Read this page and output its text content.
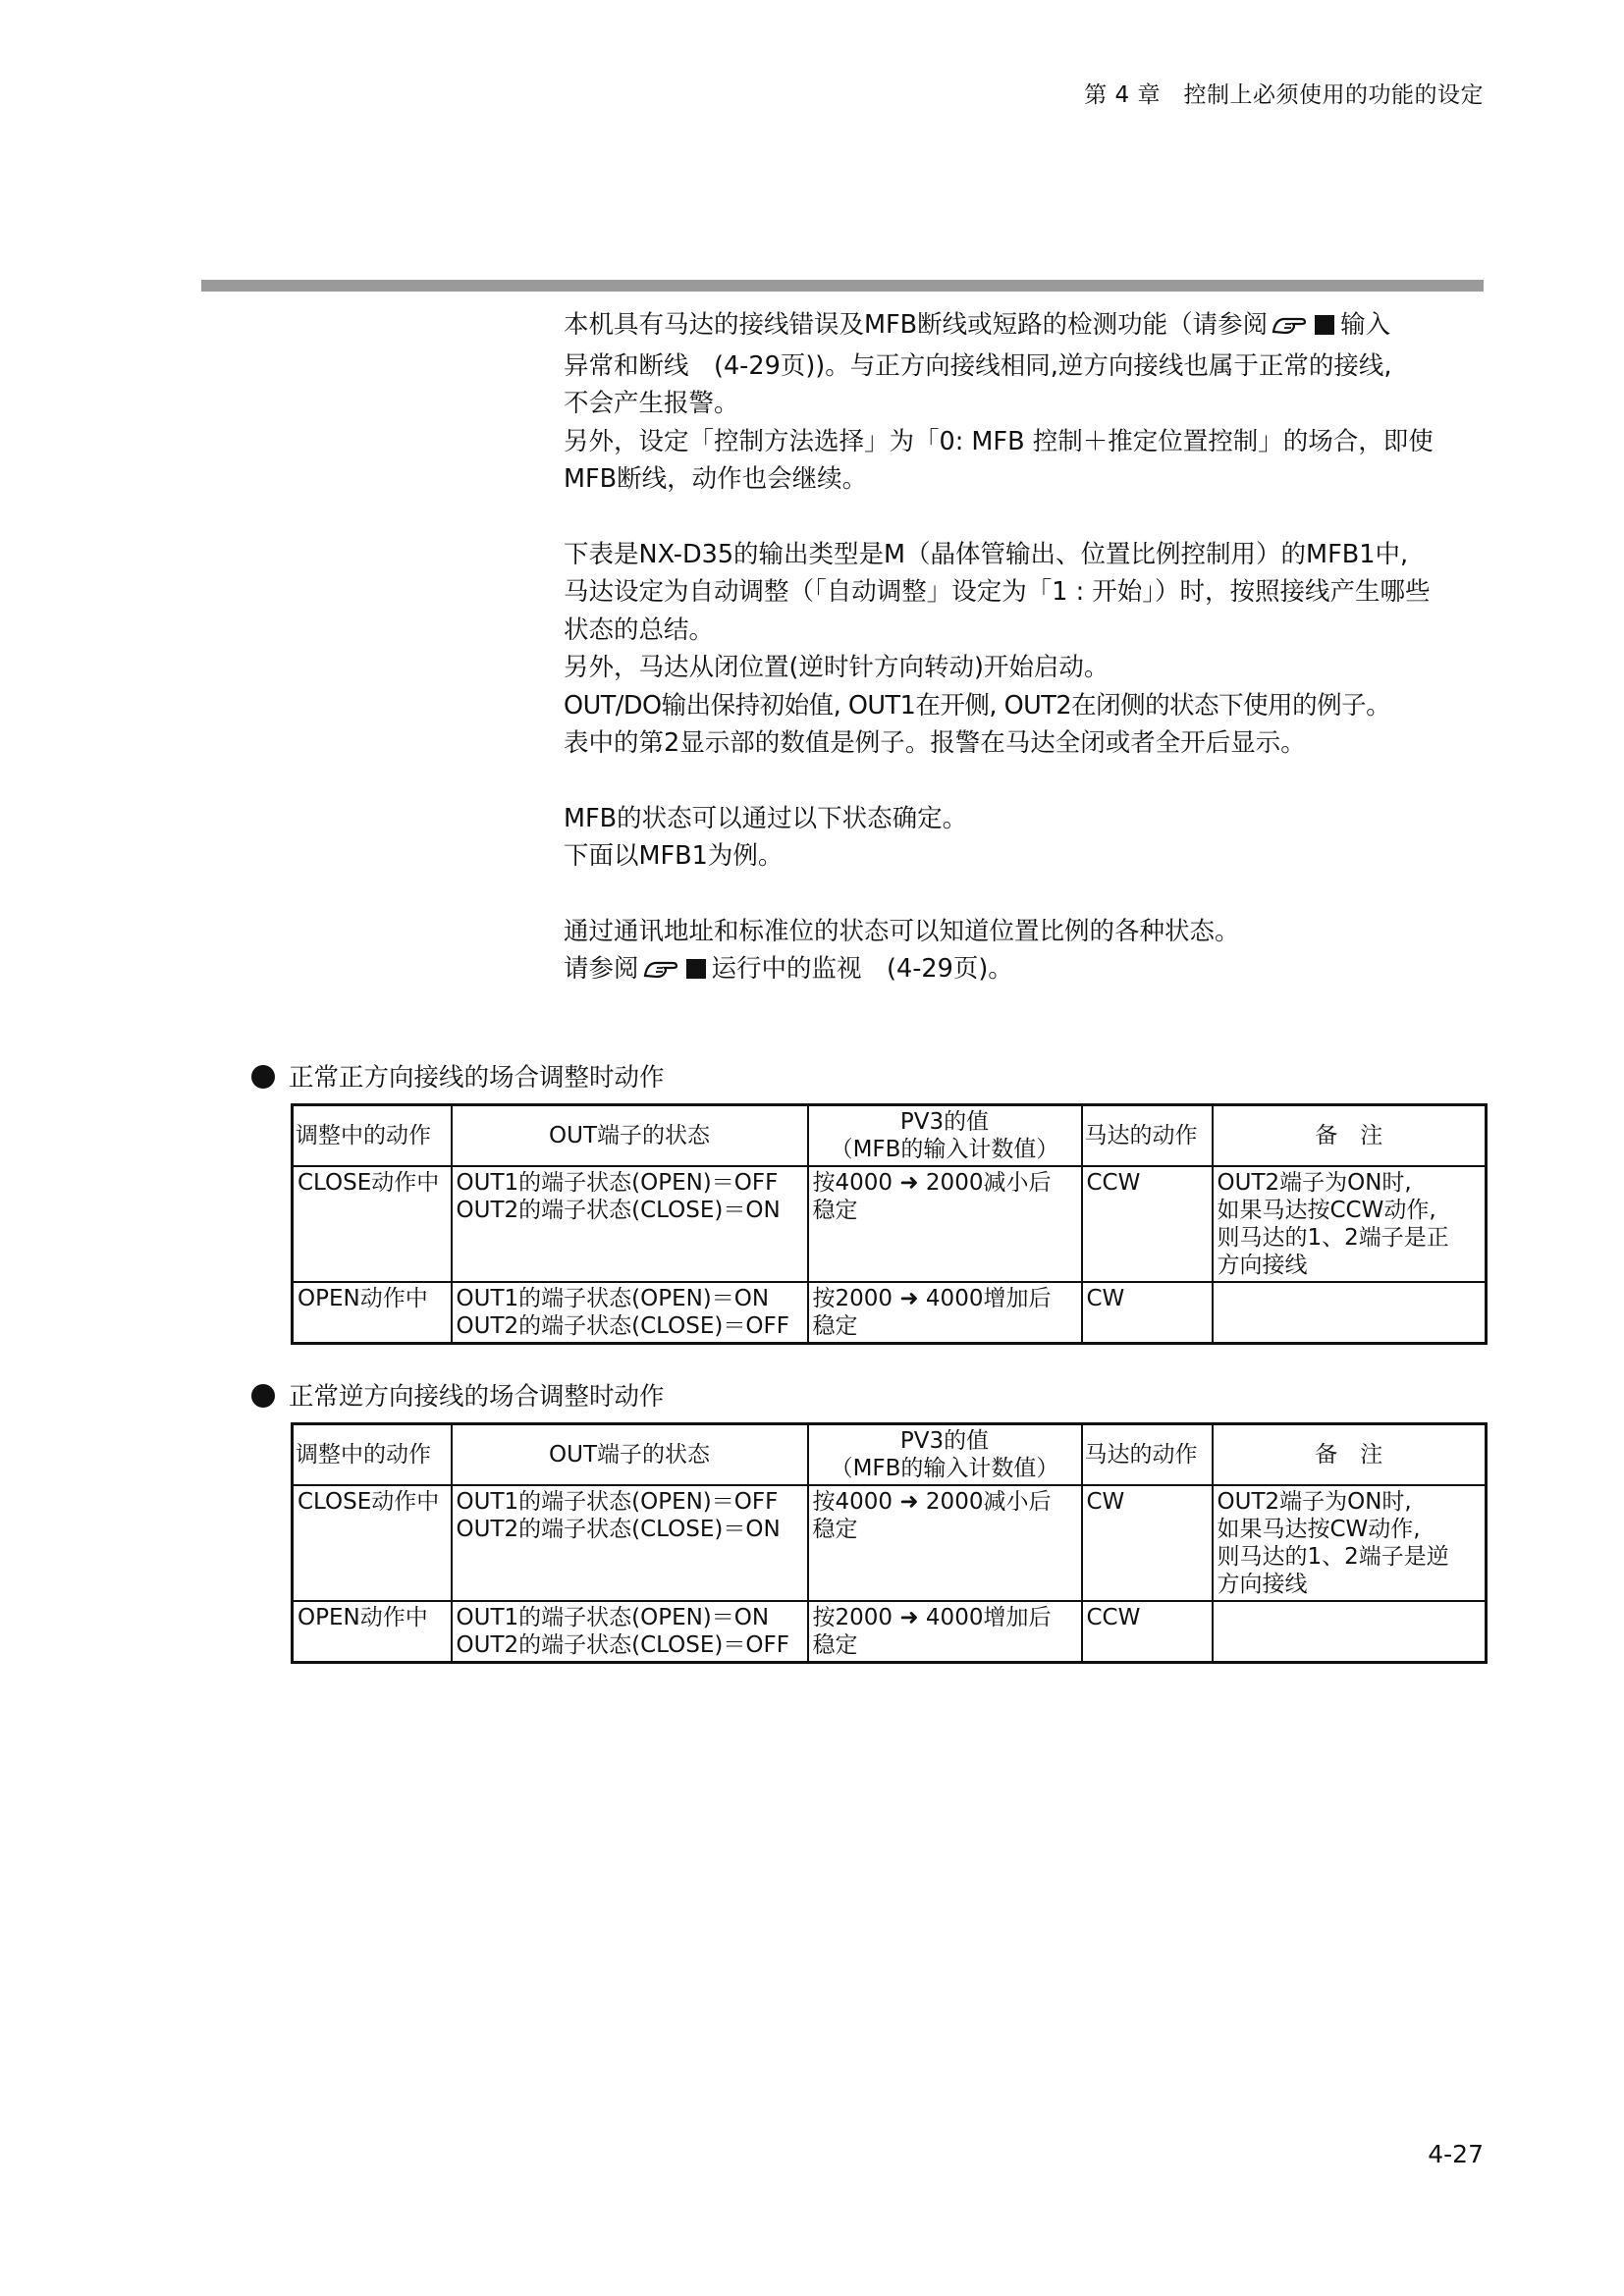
第 4 章　控制上必须使用的功能的设定

本机具有马达的接线错误及MFB断线或短路的检测功能（请参阅	输入

异常和断线　(4-29页))。与正方向接线相同,逆方向接线也属于正常的接线,

不会产生报警。

另外，设定「控制方法选择」为「0: MFB 控制＋推定位置控制」的场合，即使

MFB断线，动作也会继续。

下表是NX-D35的输出类型是M（晶体管输出、位置比例控制用）的MFB1中,

马达设定为自动调整（「自动调整」设定为「1 : 开始」）时，按照接线产生哪些

状态的总结。

另外，马达从闭位置(逆时针方向转动)开始启动。

OUT/DO输出保持初始值, OUT1在开侧, OUT2在闭侧的状态下使用的例子。

表中的第2显示部的数值是例子。报警在马达全闭或者全开后显示。

MFB的状态可以通过以下状态确定。

下面以MFB1为例。

通过通讯地址和标准位的状态可以知道位置比例的各种状态。

请参阅	运行中的监视　(4-29页)。

正常正方向接线的场合调整时动作
调整中的动作	OUT端子的状态	PV3的值
（MFB的输入计数值）	马达的动作	备　注
CLOSE动作中	OUT1的端子状态(OPEN)＝OFF
OUT2的端子状态(CLOSE)＝ON	按4000 ➜ 2000减小后
稳定	CCW	OUT2端子为ON时,
如果马达按CCW动作,
则马达的1、2端子是正
方向接线

OPEN动作中	OUT1的端子状态(OPEN)＝ON
OUT2的端子状态(CLOSE)＝OFF	按2000 ➜ 4000增加后
稳定	CW	
正常逆方向接线的场合调整时动作
调整中的动作	OUT端子的状态	PV3的值
（MFB的输入计数值）	马达的动作	备　注
CLOSE动作中	OUT1的端子状态(OPEN)＝OFF
OUT2的端子状态(CLOSE)＝ON	按4000 ➜ 2000减小后
稳定	CW	OUT2端子为ON时,
如果马达按CW动作,
则马达的1、2端子是逆
方向接线

OPEN动作中	OUT1的端子状态(OPEN)＝ON
OUT2的端子状态(CLOSE)＝OFF	按2000 ➜ 4000增加后
稳定	CCW	
4-27
